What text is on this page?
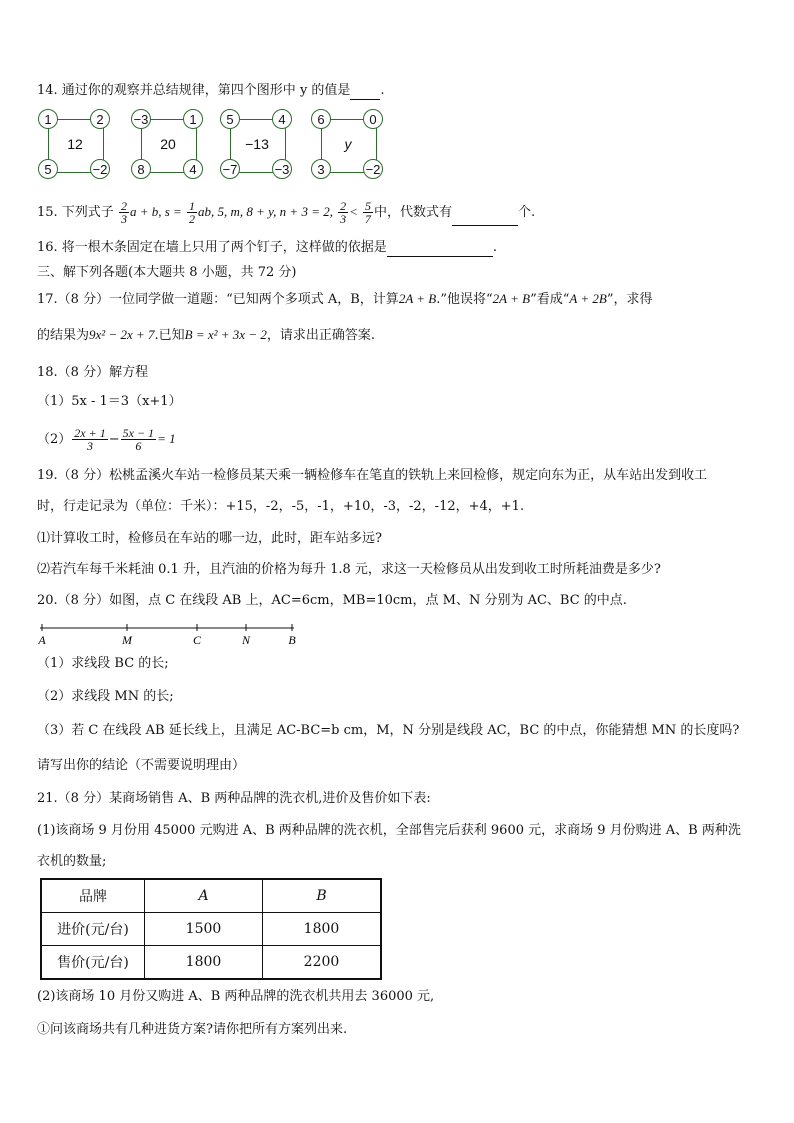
14. 通过你的观察并总结规律，第四个图形中 y 的值是 .
1	2
5	−2
12
−3	1
8	4
20
5	4
−7	−3
−13
6	0
3	−2
y
15. 下列式子 $\frac{2}{3}$ a + b, $s = \frac{1}{2}$ ab, 5, m, 8 + y, n + 3 = 2, $\frac{2}{3} < \frac{5}{7}$ 中，代数式有	个.
16. 将一根木条固定在墙上只用了两个钉子，这样做的依据是	.
三、解下列各题(本大题共 8 小题，共 72 分)
17.（8 分）一位同学做一道题：“已知两个多项式 A，B，计算2A + B.”他误将“2A + B”看成“A + 2B”，求得
的结果为9x² − 2x + 7.已知B = x² + 3x − 2，请求出正确答案.
18.（8 分）解方程
（1）5x - 1＝3（x+1）
$(2) \frac{2x + 1}{3} - \frac{5x - 1}{6} = 1$
19.（8 分）松桃孟溪火车站一检修员某天乘一辆检修车在笔直的铁轨上来回检修，规定向东为正，从车站出发到收工
时，行走记录为（单位：千米）：+15，-2，-5，-1，+10，-3，-2，-12，+4，+1.
⑴计算收工时，检修员在车站的哪一边，此时，距车站多远?
⑵若汽车每千米耗油 0.1 升，且汽油的价格为每升 1.8 元，求这一天检修员从出发到收工时所耗油费是多少?
20.（8 分）如图，点 C 在线段 AB 上，AC=6cm，MB=10cm，点 M、N 分别为 AC、BC 的中点.
A	M	C	N	B
（1）求线段 BC 的长;
（2）求线段 MN 的长;
（3）若 C 在线段 AB 延长线上，且满足 AC-BC=b cm，M，N 分别是线段 AC，BC 的中点，你能猜想 MN 的长度吗?
请写出你的结论（不需要说明理由）
21.（8 分）某商场销售 A、B 两种品牌的洗衣机,进价及售价如下表:
(1)该商场 9 月份用 45000 元购进 A、B 两种品牌的洗衣机，全部售完后获利 9600 元，求商场 9 月份购进 A、B 两种洗
衣机的数量;
品牌	A	B
进价(元/台)	1500	1800
售价(元/台)	1800	2200
(2)该商场 10 月份又购进 A、B 两种品牌的洗衣机共用去 36000 元,
①问该商场共有几种进货方案?请你把所有方案列出来.
